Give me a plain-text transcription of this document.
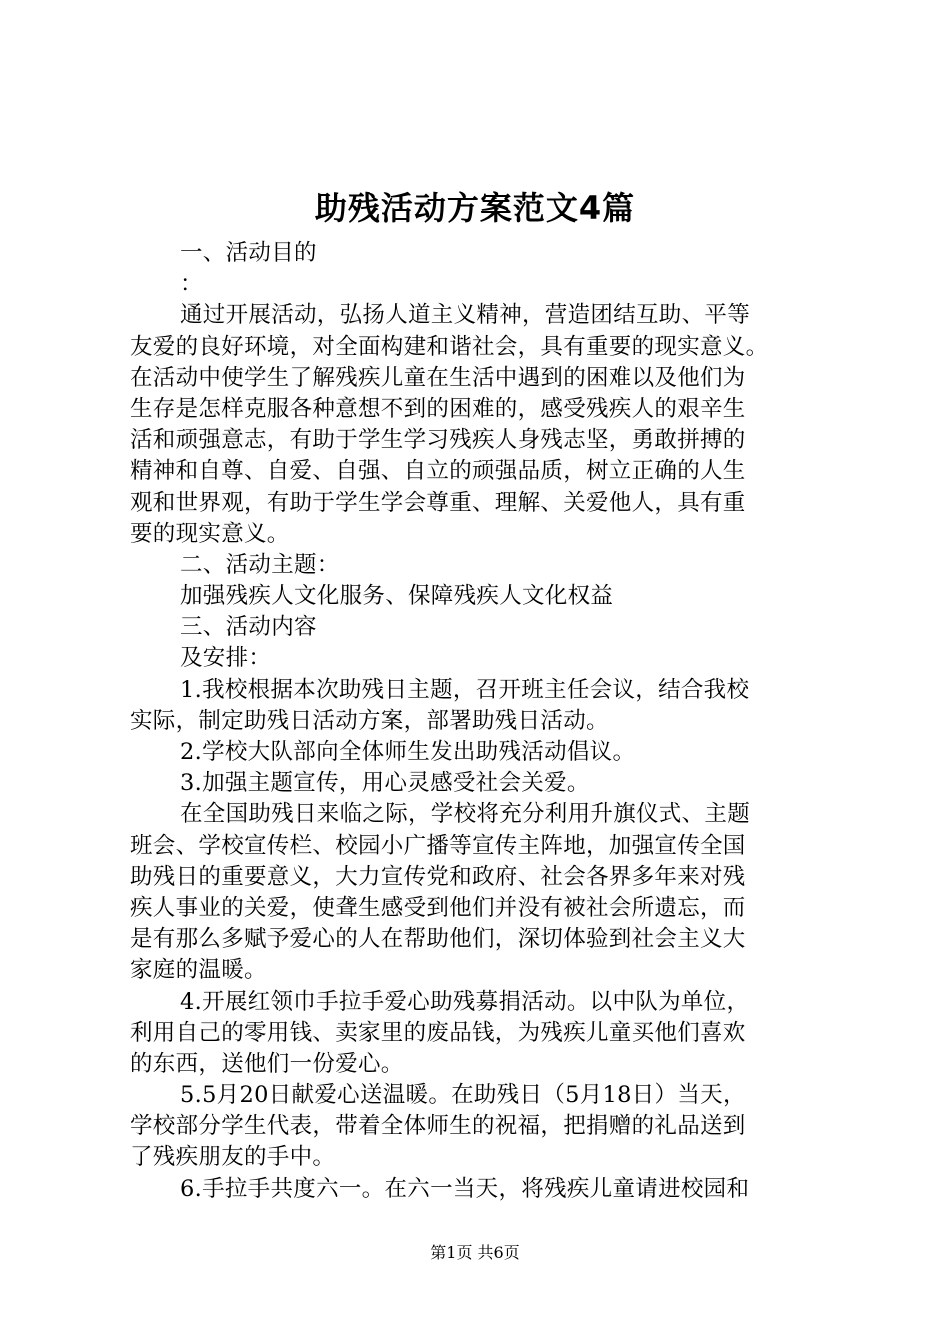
助残活动方案范文4篇
一、活动目的
：
通过开展活动，弘扬人道主义精神，营造团结互助、平等
友爱的良好环境，对全面构建和谐社会，具有重要的现实意义。
在活动中使学生了解残疾儿童在生活中遇到的困难以及他们为
生存是怎样克服各种意想不到的困难的，感受残疾人的艰辛生
活和顽强意志，有助于学生学习残疾人身残志坚，勇敢拼搏的
精神和自尊、自爱、自强、自立的顽强品质，树立正确的人生
观和世界观，有助于学生学会尊重、理解、关爱他人，具有重
要的现实意义。
二、活动主题：
加强残疾人文化服务、保障残疾人文化权益
三、活动内容
及安排：
1.我校根据本次助残日主题，召开班主任会议，结合我校
实际，制定助残日活动方案，部署助残日活动。
2.学校大队部向全体师生发出助残活动倡议。
3.加强主题宣传，用心灵感受社会关爱。
在全国助残日来临之际，学校将充分利用升旗仪式、主题
班会、学校宣传栏、校园小广播等宣传主阵地，加强宣传全国
助残日的重要意义，大力宣传党和政府、社会各界多年来对残
疾人事业的关爱，使聋生感受到他们并没有被社会所遗忘，而
是有那么多赋予爱心的人在帮助他们，深切体验到社会主义大
家庭的温暖。
4.开展红领巾手拉手爱心助残募捐活动。以中队为单位，
利用自己的零用钱、卖家里的废品钱，为残疾儿童买他们喜欢
的东西，送他们一份爱心。
5.5月20日献爱心送温暖。在助残日（5月18日）当天，
学校部分学生代表，带着全体师生的祝福，把捐赠的礼品送到
了残疾朋友的手中。
6.手拉手共度六一。在六一当天，将残疾儿童请进校园和
第1页 共6页
